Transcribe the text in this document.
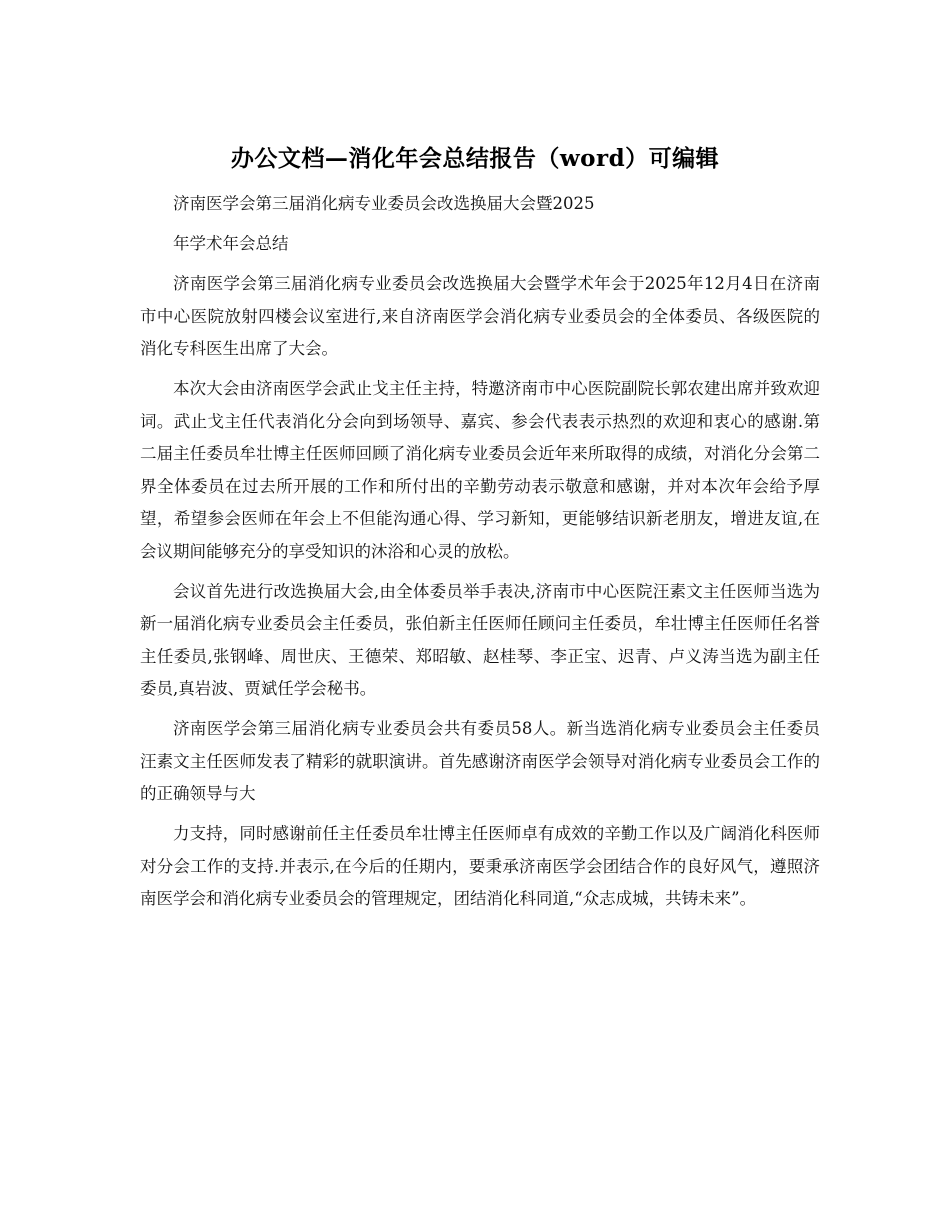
办公文档—消化年会总结报告（word）可编辑

济南医学会第三届消化病专业委员会改选换届大会暨2025

年学术年会总结

济南医学会第三届消化病专业委员会改选换届大会暨学术年会于2025年12月4日在济南市中心医院放射四楼会议室进行,来自济南医学会消化病专业委员会的全体委员、各级医院的消化专科医生出席了大会。

本次大会由济南医学会武止戈主任主持，特邀济南市中心医院副院长郭农建出席并致欢迎词。武止戈主任代表消化分会向到场领导、嘉宾、参会代表表示热烈的欢迎和衷心的感谢.第二届主任委员牟壮博主任医师回顾了消化病专业委员会近年来所取得的成绩，对消化分会第二界全体委员在过去所开展的工作和所付出的辛勤劳动表示敬意和感谢，并对本次年会给予厚望，希望参会医师在年会上不但能沟通心得、学习新知，更能够结识新老朋友，增进友谊,在会议期间能够充分的享受知识的沐浴和心灵的放松。

会议首先进行改选换届大会,由全体委员举手表决,济南市中心医院汪素文主任医师当选为新一届消化病专业委员会主任委员，张伯新主任医师任顾问主任委员，牟壮博主任医师任名誉主任委员,张钢峰、周世庆、王德荣、郑昭敏、赵桂琴、李正宝、迟青、卢义涛当选为副主任委员,真岩波、贾斌任学会秘书。

济南医学会第三届消化病专业委员会共有委员58人。新当选消化病专业委员会主任委员汪素文主任医师发表了精彩的就职演讲。首先感谢济南医学会领导对消化病专业委员会工作的的正确领导与大

力支持，同时感谢前任主任委员牟壮博主任医师卓有成效的辛勤工作以及广阔消化科医师对分会工作的支持.并表示,在今后的任期内，要秉承济南医学会团结合作的良好风气，遵照济南医学会和消化病专业委员会的管理规定，团结消化科同道,“众志成城，共铸未来”。
